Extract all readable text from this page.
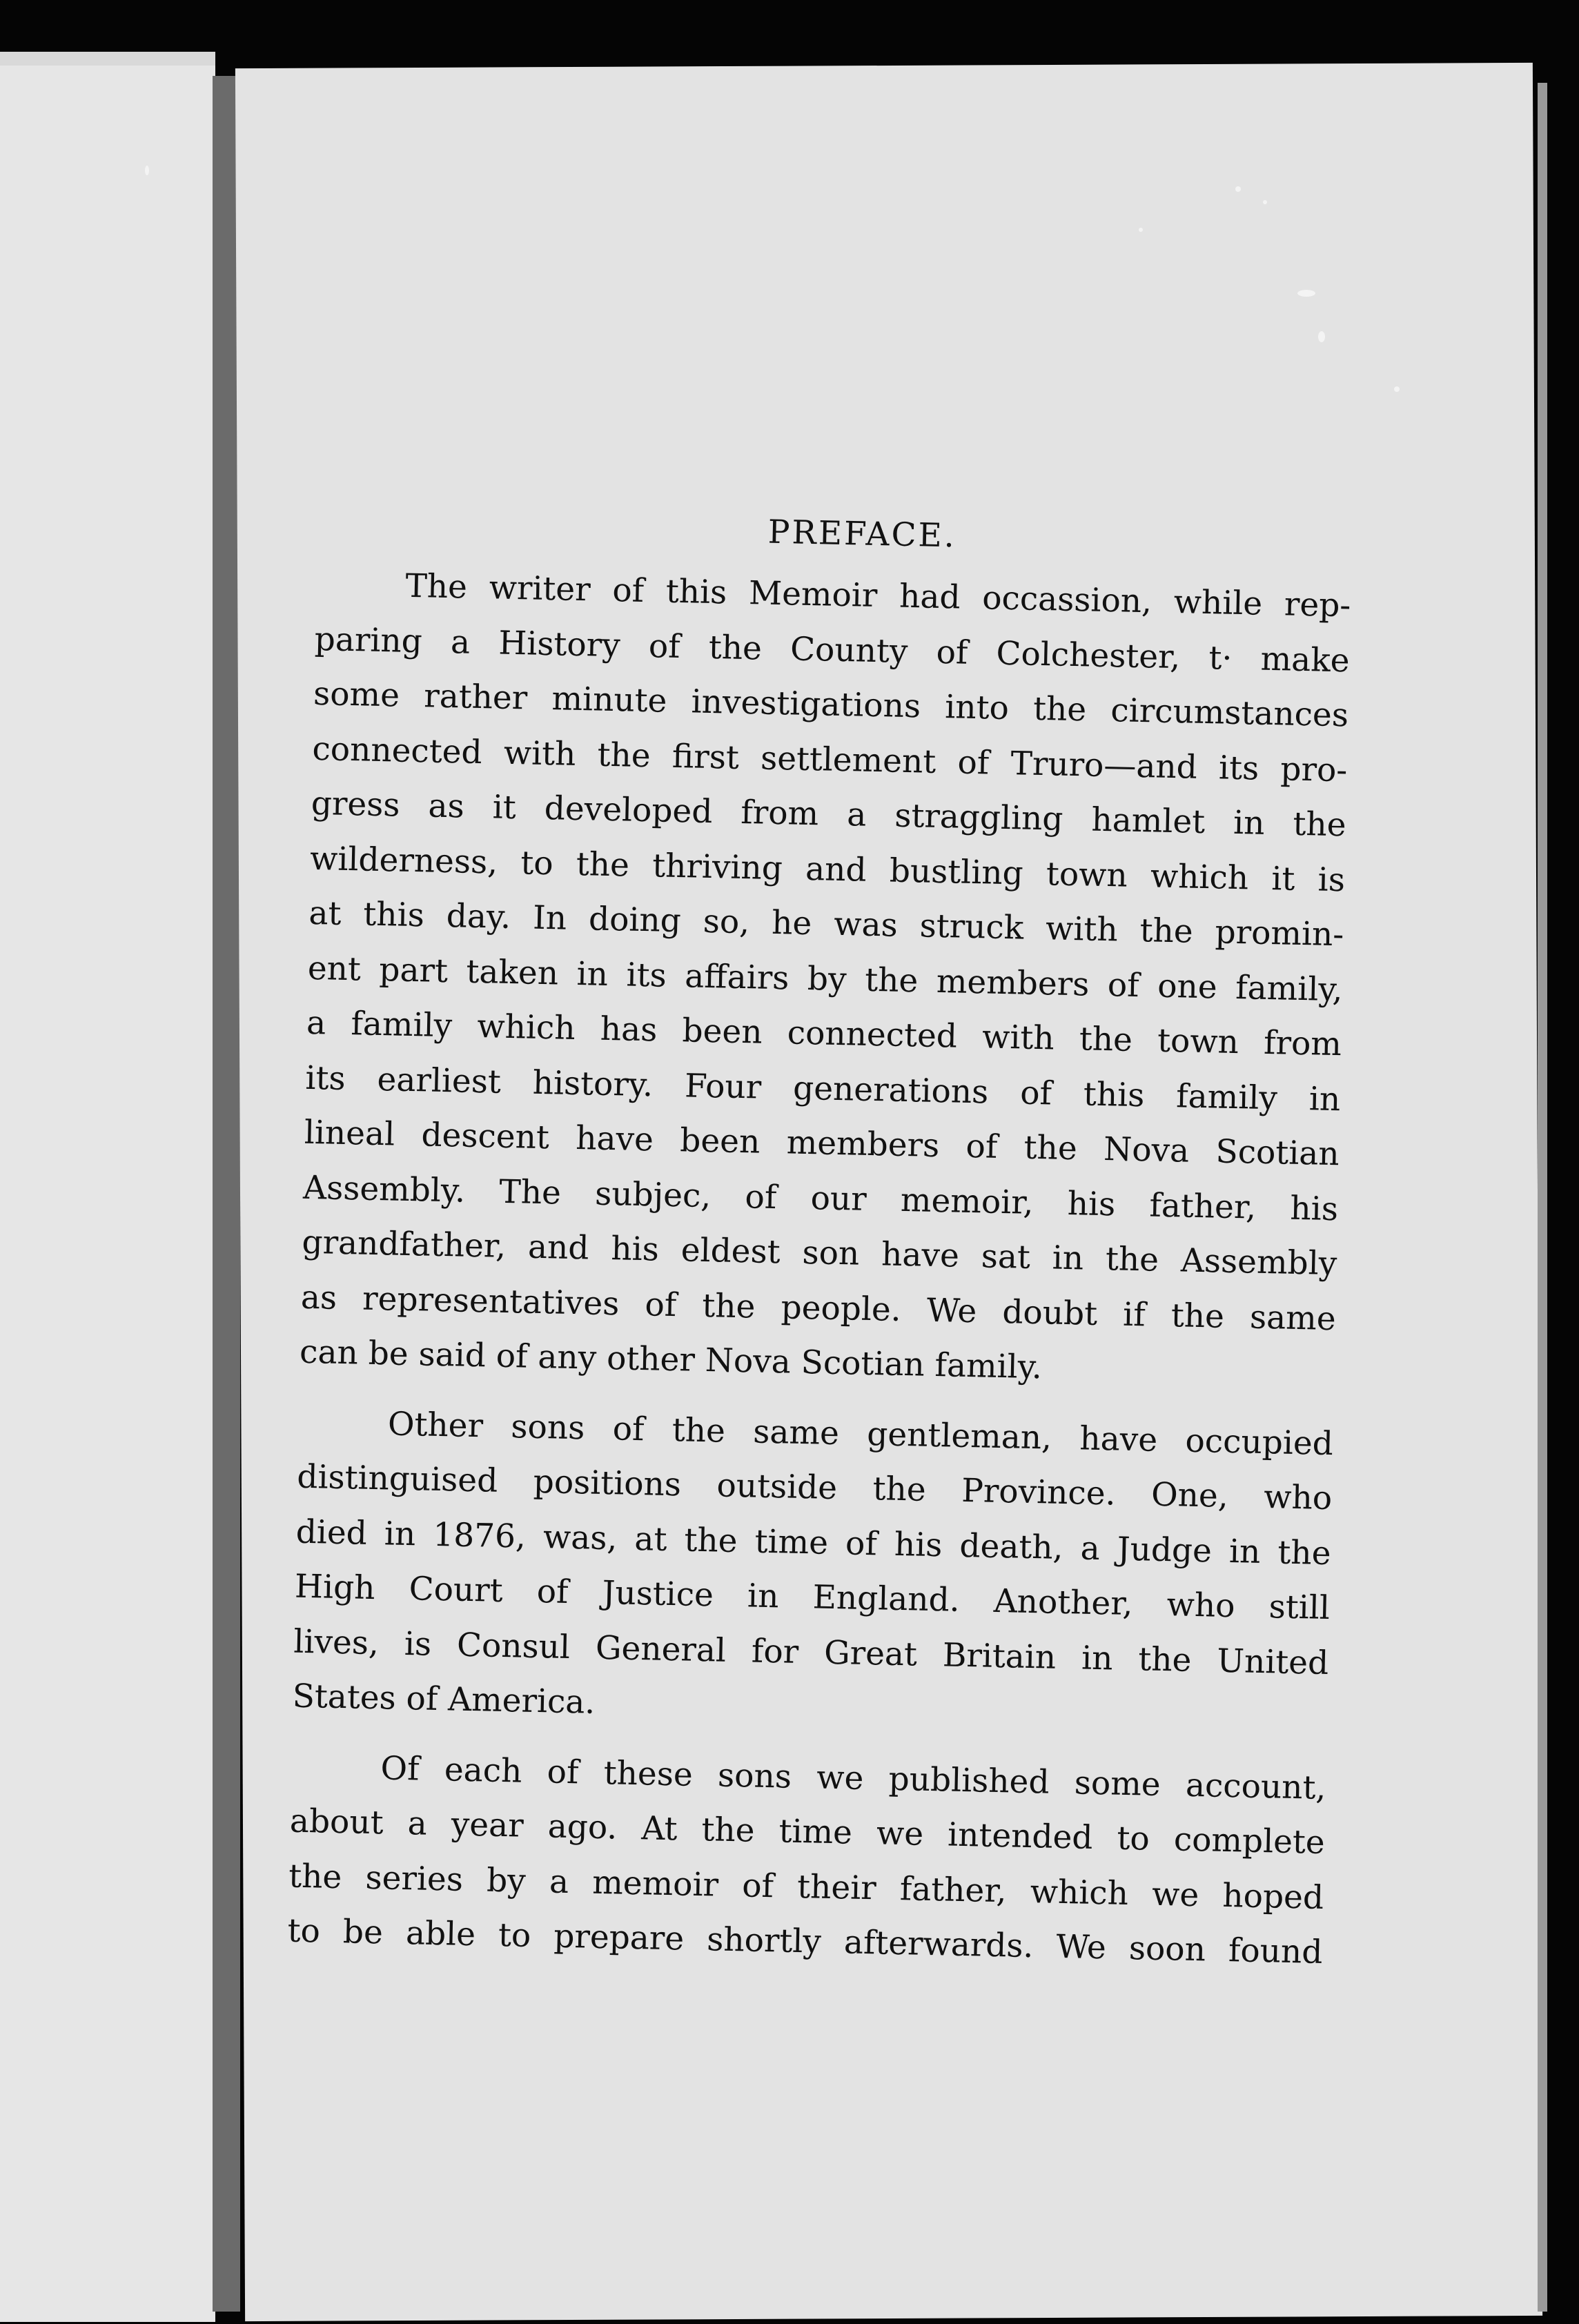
PREFACE.

The writer of this Memoir had occassion, while rep-
paring a History of the County of Colchester, t· make
some rather minute investigations into the circumstances
connected with the first settlement of Truro—and its pro-
gress as it developed from a straggling hamlet in the
wilderness, to the thriving and bustling town which it is
at this day. In doing so, he was struck with the promin-
ent part taken in its affairs by the members of one family,
a family which has been connected with the town from
its earliest history. Four generations of this family in
lineal descent have been members of the Nova Scotian
Assembly. The subjec, of our memoir, his father, his
grandfather, and his eldest son have sat in the Assembly
as representatives of the people. We doubt if the same
can be said of any other Nova Scotian family.

Other sons of the same gentleman, have occupied
distinguised positions outside the Province. One, who
died in 1876, was, at the time of his death, a Judge in the
High Court of Justice in England. Another, who still
lives, is Consul General for Great Britain in the United
States of America.

Of each of these sons we published some account,
about a year ago. At the time we intended to complete
the series by a memoir of their father, which we hoped
to be able to prepare shortly afterwards. We soon found
